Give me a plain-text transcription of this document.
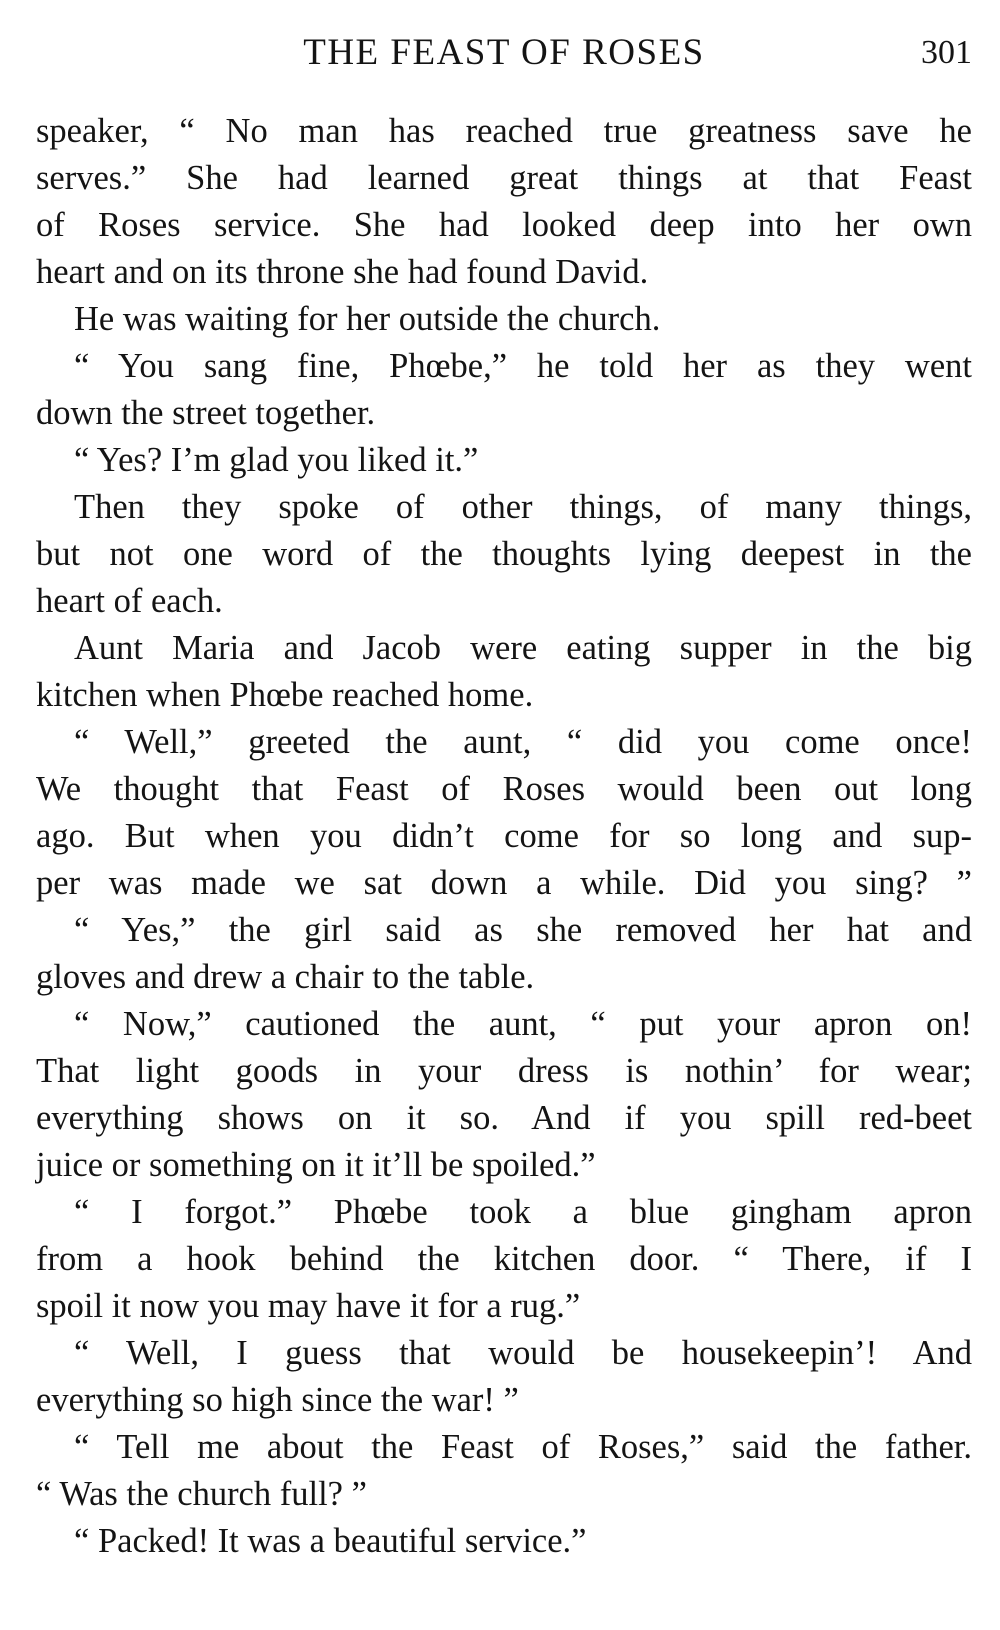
THE FEAST OF ROSES	301
speaker, “ No man has reached true greatness save he
serves.” She had learned great things at that Feast
of Roses service. She had looked deep into her own
heart and on its throne she had found David.
He was waiting for her outside the church.
“ You sang fine, Phœbe,” he told her as they went
down the street together.
“ Yes? I’m glad you liked it.”
Then they spoke of other things, of many things,
but not one word of the thoughts lying deepest in the
heart of each.
Aunt Maria and Jacob were eating supper in the big
kitchen when Phœbe reached home.
“ Well,” greeted the aunt, “ did you come once!
We thought that Feast of Roses would been out long
ago. But when you didn’t come for so long and sup-
per was made we sat down a while. Did you sing? ”
“ Yes,” the girl said as she removed her hat and
gloves and drew a chair to the table.
“ Now,” cautioned the aunt, “ put your apron on!
That light goods in your dress is nothin’ for wear;
everything shows on it so. And if you spill red-beet
juice or something on it it’ll be spoiled.”
“ I forgot.” Phœbe took a blue gingham apron
from a hook behind the kitchen door. “ There, if I
spoil it now you may have it for a rug.”
“ Well, I guess that would be housekeepin’! And
everything so high since the war! ”
“ Tell me about the Feast of Roses,” said the father.
“ Was the church full? ”
“ Packed! It was a beautiful service.”
